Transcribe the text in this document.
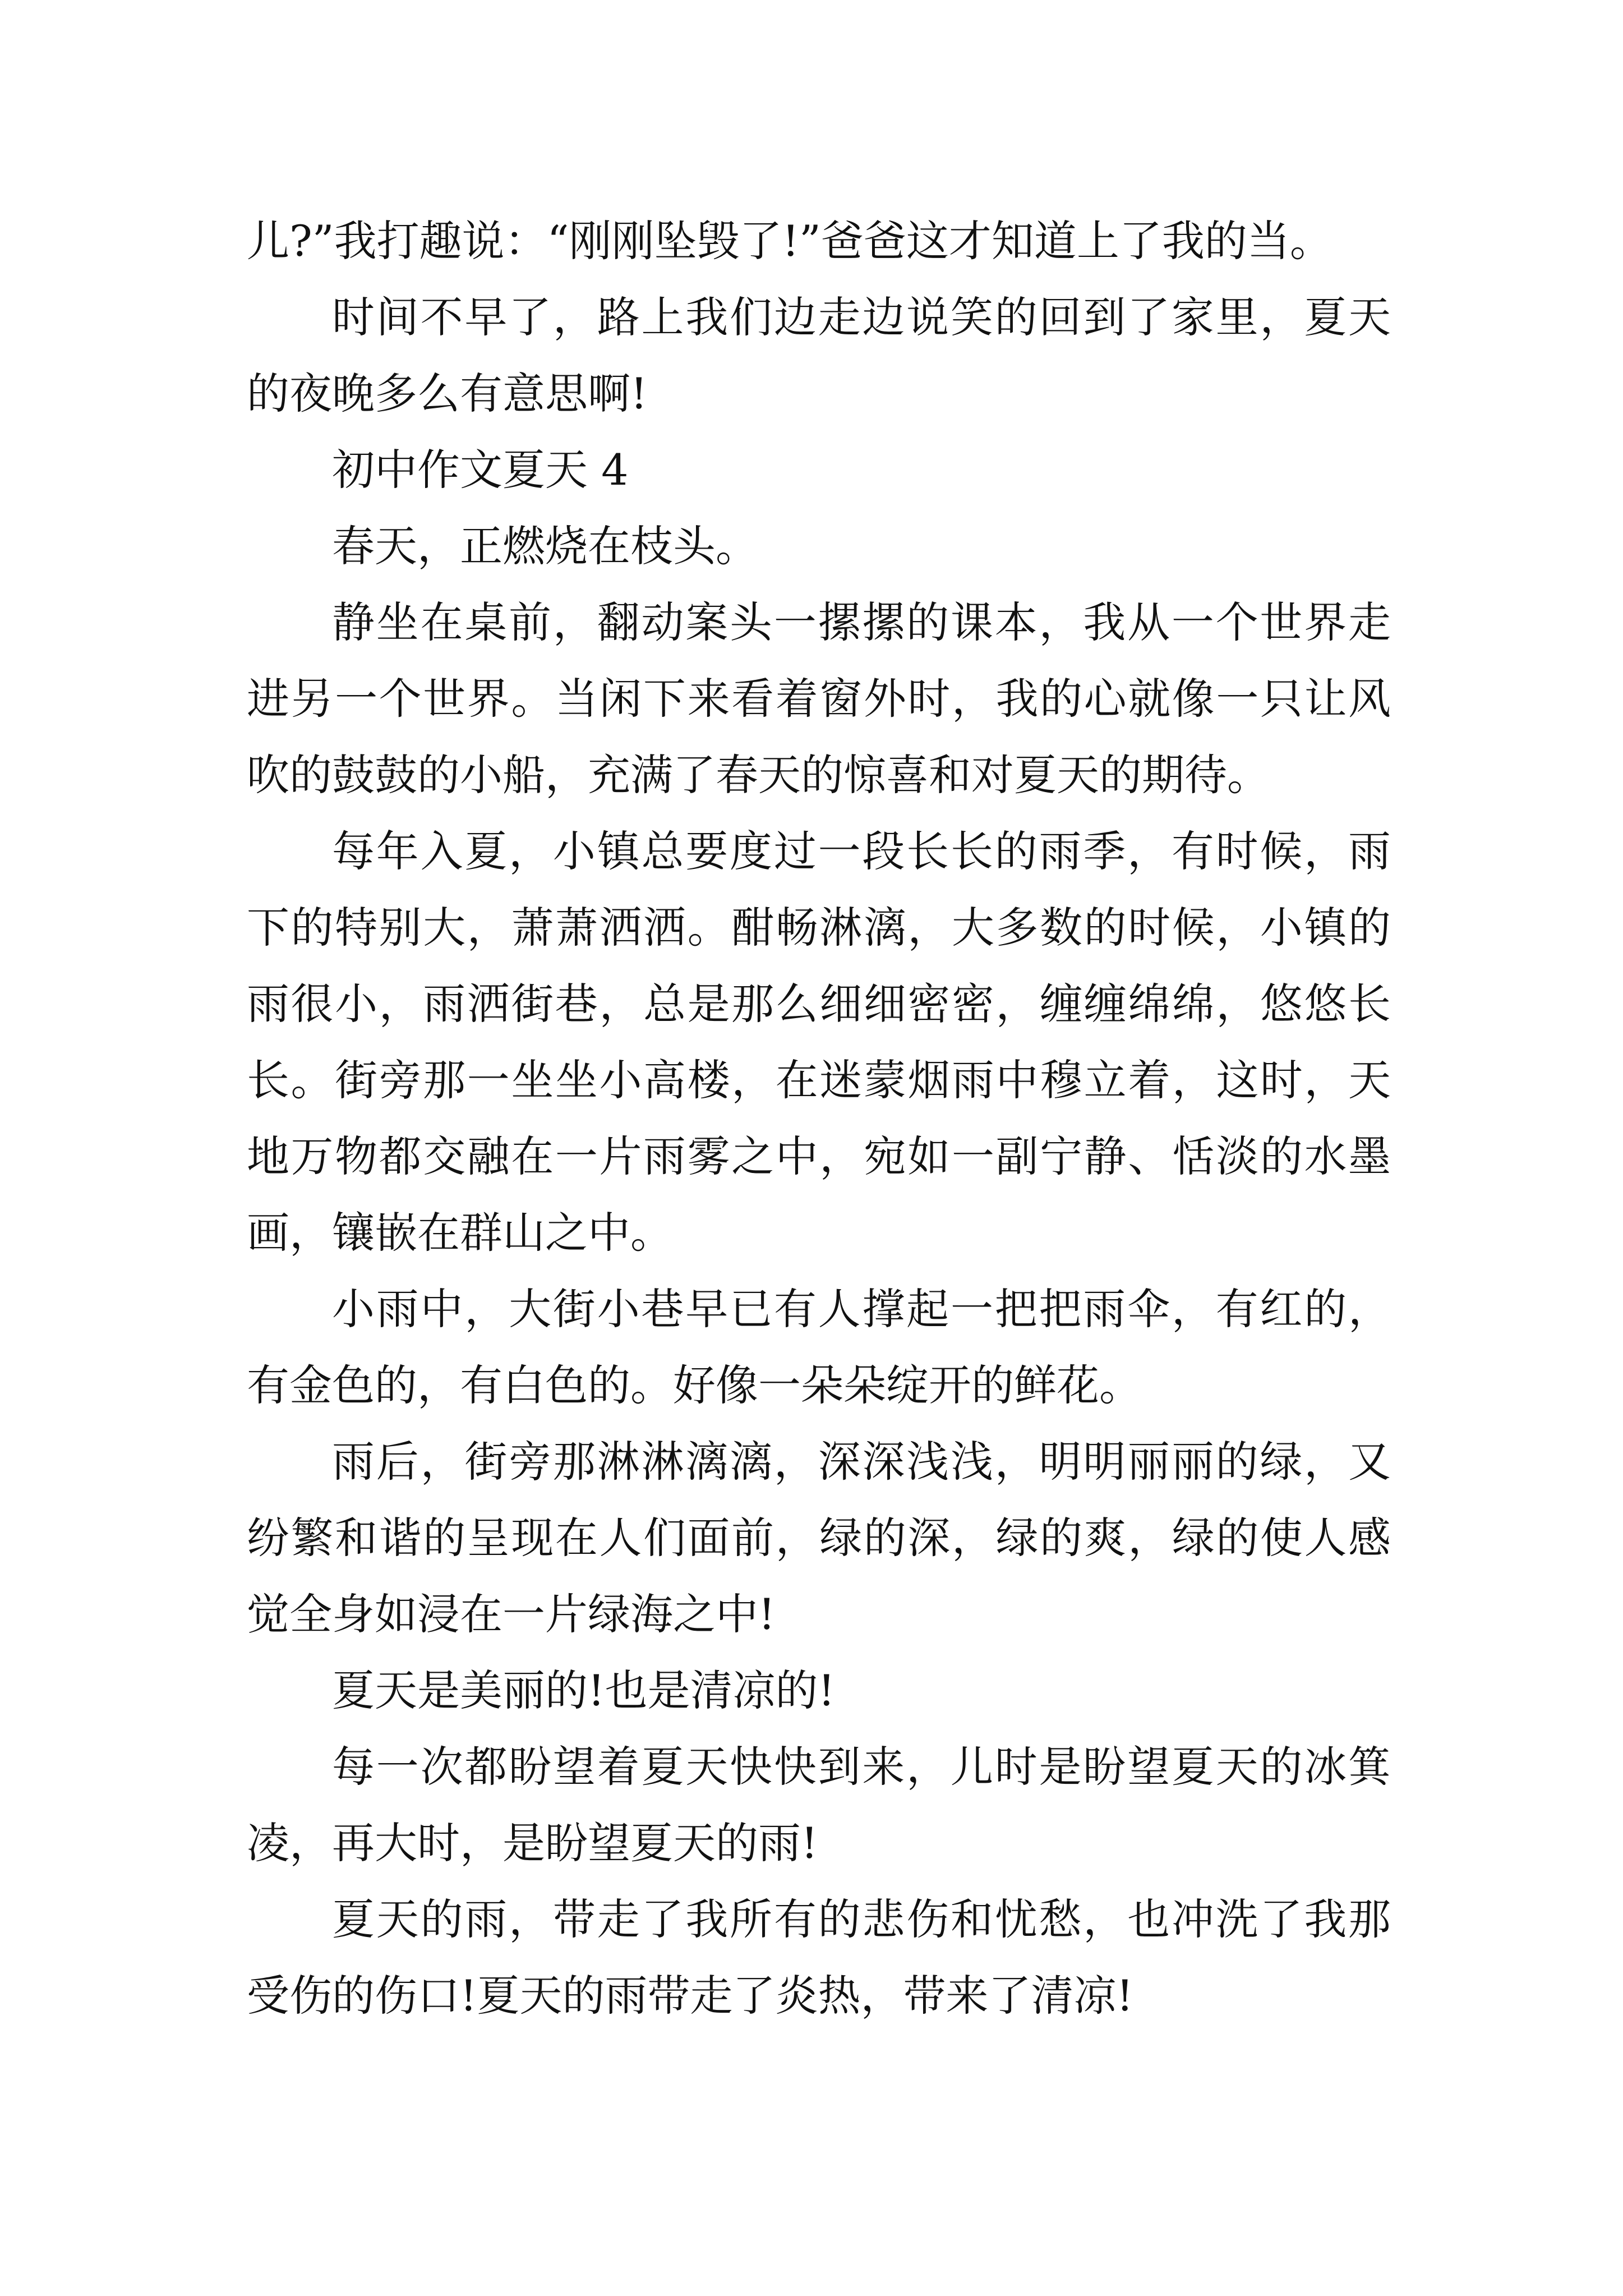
儿?”我打趣说：“刚刚坠毁了!”爸爸这才知道上了我的当。

时间不早了，路上我们边走边说笑的回到了家里，夏天的夜晚多么有意思啊!

初中作文夏天 4

春天，正燃烧在枝头。

静坐在桌前，翻动案头一摞摞的课本，我从一个世界走进另一个世界。当闲下来看着窗外时，我的心就像一只让风吹的鼓鼓的小船，充满了春天的惊喜和对夏天的期待。

每年入夏，小镇总要度过一段长长的雨季，有时候，雨下的特别大，萧萧洒洒。酣畅淋漓，大多数的时候，小镇的雨很小，雨洒街巷，总是那么细细密密，缠缠绵绵，悠悠长长。街旁那一坐坐小高楼，在迷蒙烟雨中穆立着，这时，天地万物都交融在一片雨雾之中，宛如一副宁静、恬淡的水墨画，镶嵌在群山之中。

小雨中，大街小巷早已有人撑起一把把雨伞，有红的，有金色的，有白色的。好像一朵朵绽开的鲜花。

雨后，街旁那淋淋漓漓，深深浅浅，明明丽丽的绿，又纷繁和谐的呈现在人们面前，绿的深，绿的爽，绿的使人感觉全身如浸在一片绿海之中!

夏天是美丽的!也是清凉的!

每一次都盼望着夏天快快到来，儿时是盼望夏天的冰箕凌，再大时，是盼望夏天的雨!

夏天的雨，带走了我所有的悲伤和忧愁，也冲洗了我那受伤的伤口!夏天的雨带走了炎热，带来了清凉!
